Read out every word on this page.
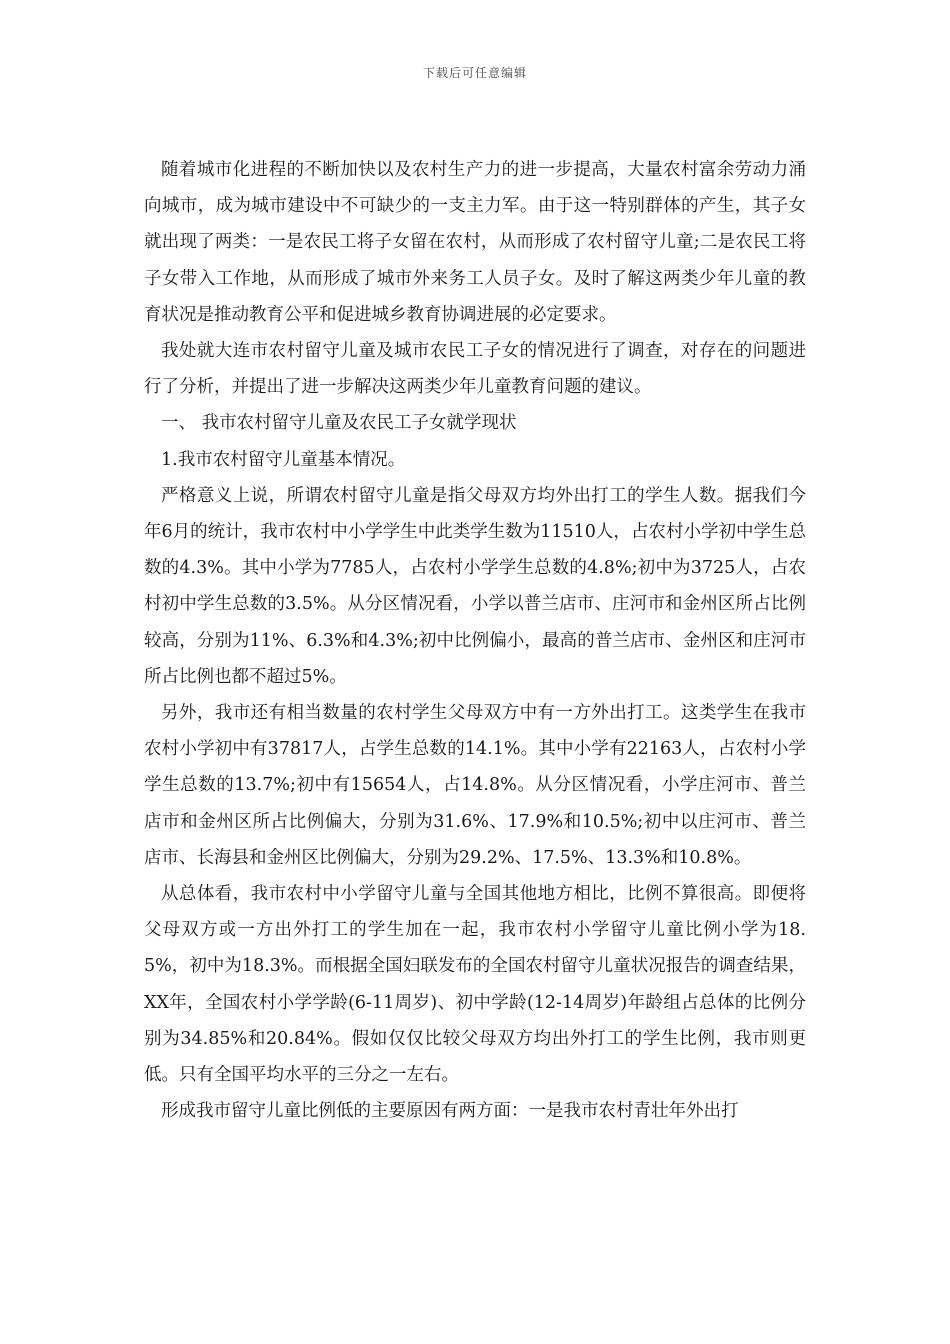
下载后可任意编辑

随着城市化进程的不断加快以及农村生产力的进一步提高，大量农村富余劳动力涌向城市，成为城市建设中不可缺少的一支主力军。由于这一特别群体的产生，其子女就出现了两类：一是农民工将子女留在农村，从而形成了农村留守儿童;二是农民工将子女带入工作地，从而形成了城市外来务工人员子女。及时了解这两类少年儿童的教育状况是推动教育公平和促进城乡教育协调进展的必定要求。

我处就大连市农村留守儿童及城市农民工子女的情况进行了调查，对存在的问题进行了分析，并提出了进一步解决这两类少年儿童教育问题的建议。

一、 我市农村留守儿童及农民工子女就学现状

1.我市农村留守儿童基本情况。

严格意义上说，所谓农村留守儿童是指父母双方均外出打工的学生人数。据我们今年6月的统计，我市农村中小学学生中此类学生数为11510人，占农村小学初中学生总数的4.3%。其中小学为7785人，占农村小学学生总数的4.8%;初中为3725人，占农村初中学生总数的3.5%。从分区情况看，小学以普兰店市、庄河市和金州区所占比例较高，分别为11%、6.3%和4.3%;初中比例偏小，最高的普兰店市、金州区和庄河市所占比例也都不超过5%。

另外，我市还有相当数量的农村学生父母双方中有一方外出打工。这类学生在我市农村小学初中有37817人，占学生总数的14.1%。其中小学有22163人，占农村小学学生总数的13.7%;初中有15654人，占14.8%。从分区情况看，小学庄河市、普兰店市和金州区所占比例偏大，分别为31.6%、17.9%和10.5%;初中以庄河市、普兰店市、长海县和金州区比例偏大，分别为29.2%、17.5%、13.3%和10.8%。

从总体看，我市农村中小学留守儿童与全国其他地方相比，比例不算很高。即便将父母双方或一方出外打工的学生加在一起，我市农村小学留守儿童比例小学为18.5%，初中为18.3%。而根据全国妇联发布的全国农村留守儿童状况报告的调查结果，XX年，全国农村小学学龄(6-11周岁)、初中学龄(12-14周岁)年龄组占总体的比例分别为34.85%和20.84%。假如仅仅比较父母双方均出外打工的学生比例，我市则更低。只有全国平均水平的三分之一左右。

形成我市留守儿童比例低的主要原因有两方面：一是我市农村青壮年外出打
